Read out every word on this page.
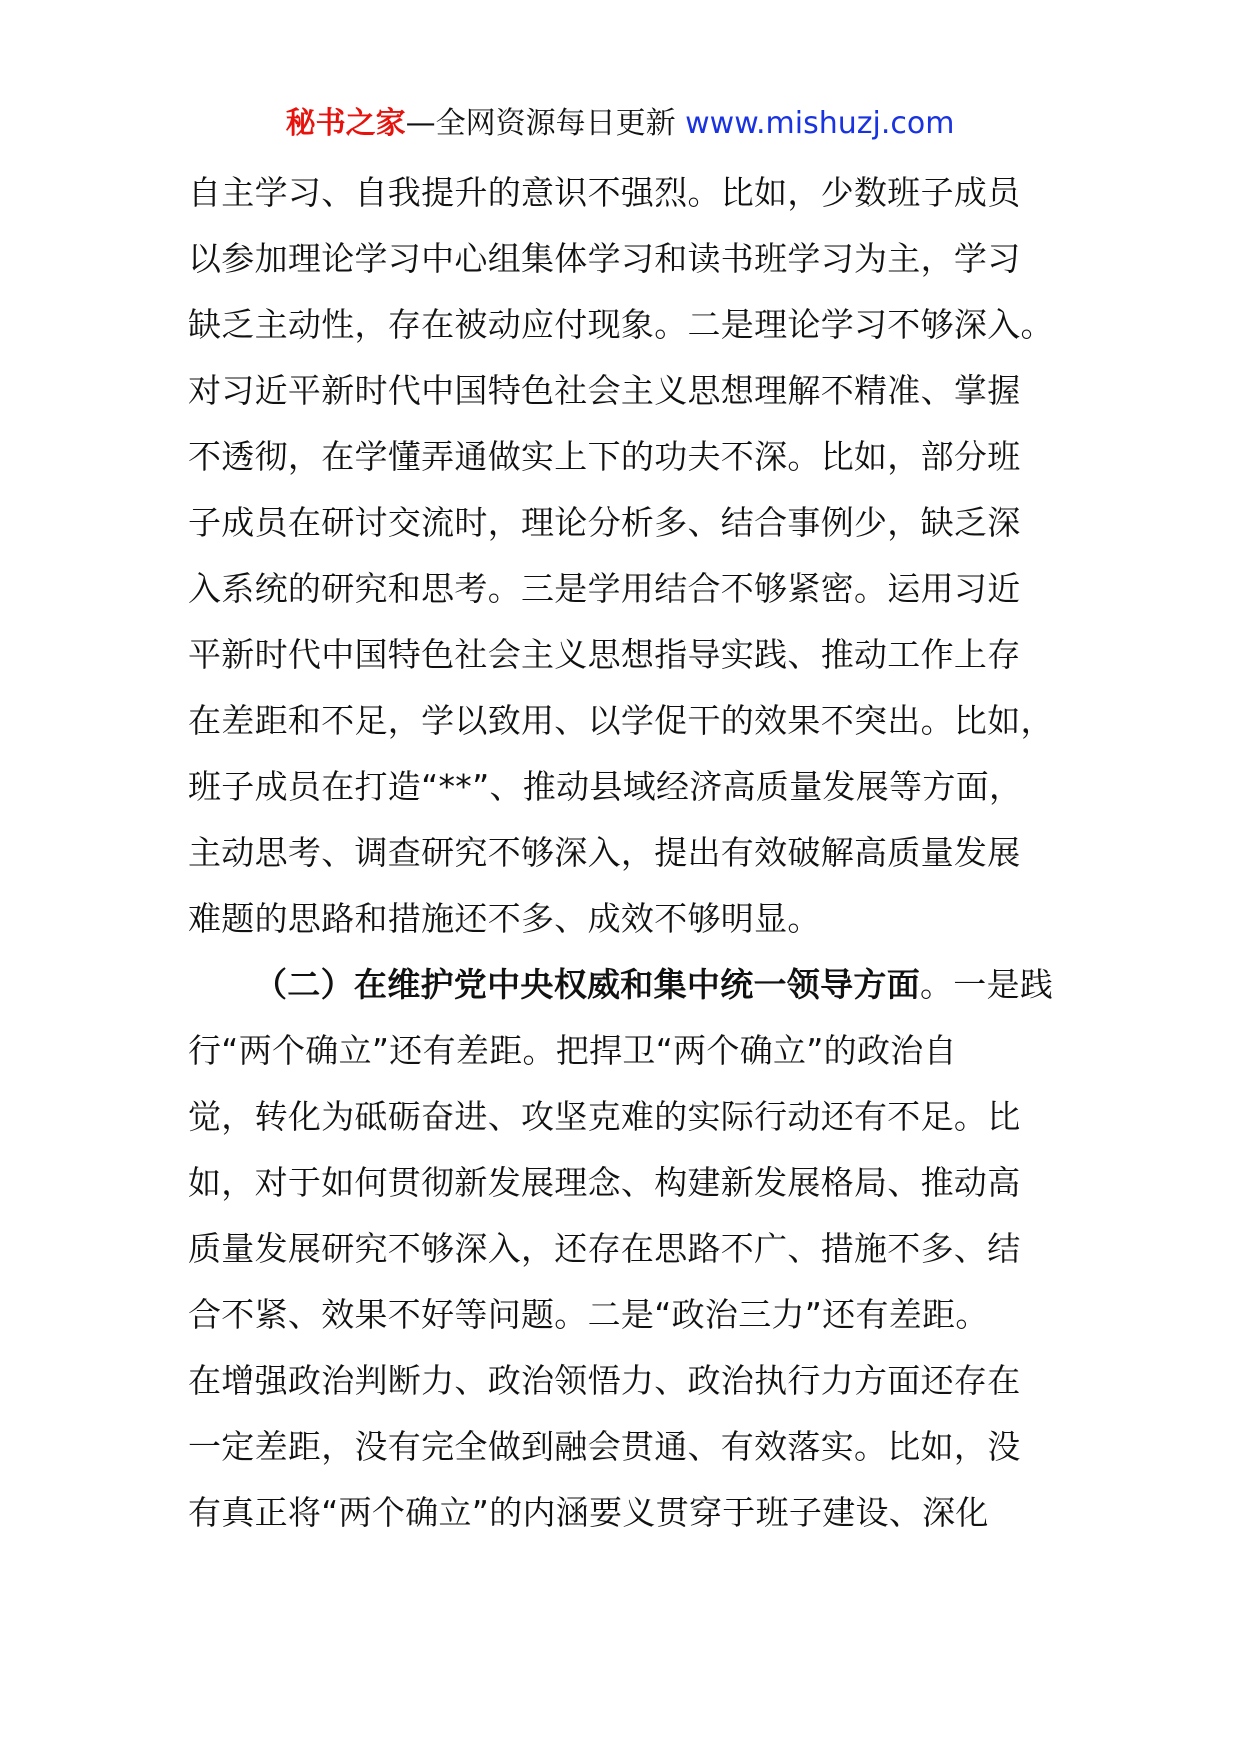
秘书之家—全网资源每日更新 www.mishuzj.com
自主学习、自我提升的意识不强烈。比如，少数班子成员
以参加理论学习中心组集体学习和读书班学习为主，学习
缺乏主动性，存在被动应付现象。二是理论学习不够深入。
对习近平新时代中国特色社会主义思想理解不精准、掌握
不透彻，在学懂弄通做实上下的功夫不深。比如，部分班
子成员在研讨交流时，理论分析多、结合事例少，缺乏深
入系统的研究和思考。三是学用结合不够紧密。运用习近
平新时代中国特色社会主义思想指导实践、推动工作上存
在差距和不足，学以致用、以学促干的效果不突出。比如，
班子成员在打造“**”、推动县域经济高质量发展等方面，
主动思考、调查研究不够深入，提出有效破解高质量发展
难题的思路和措施还不多、成效不够明显。
（二）在维护党中央权威和集中统一领导方面。一是践
行“两个确立”还有差距。把捍卫“两个确立”的政治自
觉，转化为砥砺奋进、攻坚克难的实际行动还有不足。比
如，对于如何贯彻新发展理念、构建新发展格局、推动高
质量发展研究不够深入，还存在思路不广、措施不多、结
合不紧、效果不好等问题。二是“政治三力”还有差距。
在增强政治判断力、政治领悟力、政治执行力方面还存在
一定差距，没有完全做到融会贯通、有效落实。比如，没
有真正将“两个确立”的内涵要义贯穿于班子建设、深化
